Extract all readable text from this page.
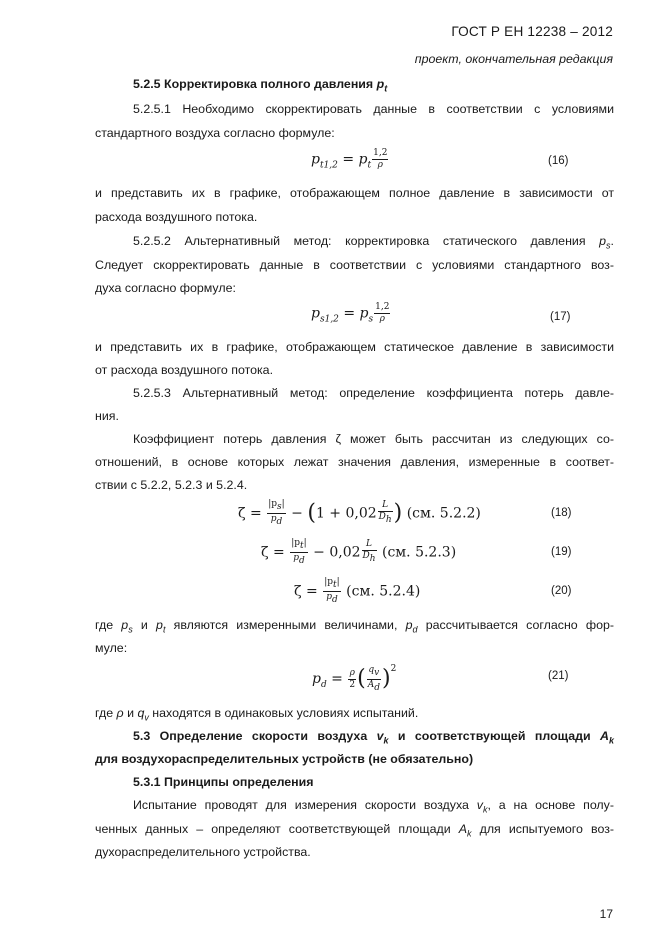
ГОСТ Р ЕН 12238 – 2012
проект, окончательная редакция
5.2.5 Корректировка полного давления $p_t$
5.2.5.1 Необходимо скорректировать данные в соответствии с условиями
стандартного воздуха согласно формуле:
$p_{t1,2} = p_t \frac{1,2}{\rho}$	(16)
и представить их в графике, отображающем полное давление в зависимости от
расхода воздушного потока.
5.2.5.2 Альтернативный метод: корректировка статического давления $p_s$.
Следует скорректировать данные в соответствии с условиями стандартного воз-
духа согласно формуле:
$p_{s1,2} = p_s \frac{1,2}{\rho}$	(17)
и представить их в графике, отображающем статическое давление в зависимости
от расхода воздушного потока.
5.2.5.3 Альтернативный метод: определение коэффициента потерь давле-
ния.
Коэффициент потерь давления ζ может быть рассчитан из следующих со-
отношений, в основе которых лежат значения давления, измеренные в соответ-
ствии с 5.2.2, 5.2.3 и 5.2.4.
$\zeta = \frac{|p_s|}{p_d} - (1 + 0,02 \frac{L}{D_h}$ ) (см. 5.2.2)	(18)
$\zeta = \frac{|p_t|}{p_d} - 0,02 \frac{L}{D_h} (см$. 5.2.3)	(19)
$\zeta = \frac{|p_t|}{p_d} (см$. 5.2.4)	(20)
где $p_s$ и $p_t$ являются измеренными величинами, $p_d$ рассчитывается согласно фор-
муле:
$p_d = \frac{\rho}{2}$ ( $\frac{q_v}{A_d} )^2$
(21)
где ρ и $q_v$ находятся в одинаковых условиях испытаний.
5.3 Определение скорости воздуха $v_k$ и соответствующей площади $A_k$
для воздухораспределительных устройств (не обязательно)
5.3.1 Принципы определения
Испытание проводят для измерения скорости воздуха $v_k$, а на основе полу-
ченных данных – определяют соответствующей площади $A_k$ для испытуемого воз-
духораспределительного устройства.
17
